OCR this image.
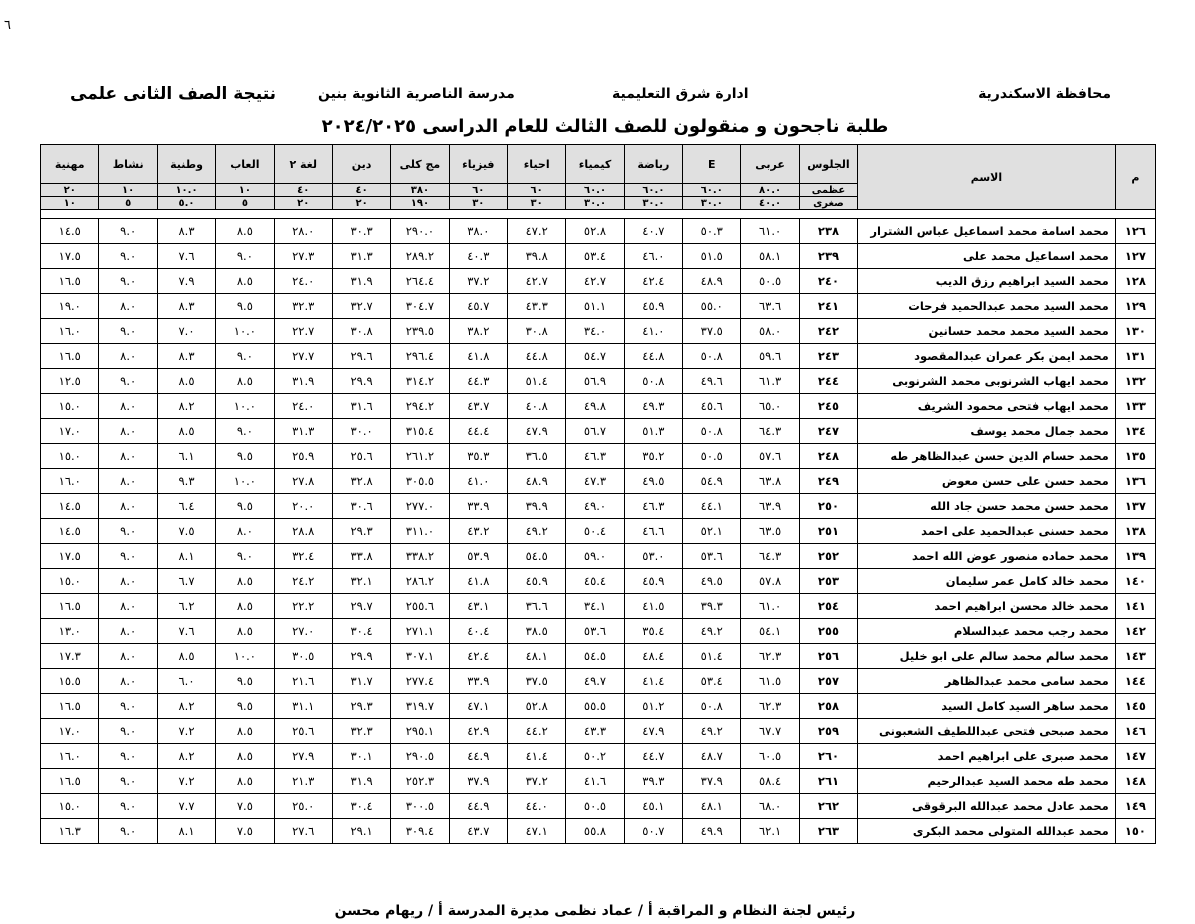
٦
محافظة الاسكندرية
ادارة شرق التعليمية
مدرسة الناصرية الثانوية بنين
نتيجة الصف الثانى علمى
طلبة ناجحون و منقولون للصف الثالث للعام الدراسى ٢٠٢٤/٢٠٢٥
م	الاسم	الجلوس	عربى	E	رياضة	كيمياء	احياء	فيزياء	مج كلى	دين	لغة ٢	العاب	وطنية	نشاط	مهنية
		عظمى	٨٠.٠	٦٠.٠	٦٠.٠	٦٠.٠	٦٠	٦٠	٣٨٠	٤٠	٤٠	١٠	١٠.٠	١٠	٢٠
		صغرى	٤٠.٠	٣٠.٠	٣٠.٠	٣٠.٠	٣٠	٣٠	١٩٠	٢٠	٢٠	٥	٥.٠	٥	١٠

١٢٦	محمد اسامة محمد اسماعيل عباس الشترار	٢٣٨	٦١.٠	٥٠.٣	٤٠.٧	٥٢.٨	٤٧.٢	٣٨.٠	٢٩٠.٠	٣٠.٣	٢٨.٠	٨.٥	٨.٣	٩.٠	١٤.٥
١٢٧	محمد اسماعيل محمد على	٢٣٩	٥٨.١	٥١.٥	٤٦.٠	٥٣.٤	٣٩.٨	٤٠.٣	٢٨٩.٢	٣١.٣	٢٧.٣	٩.٠	٧.٦	٩.٠	١٧.٥
١٢٨	محمد السيد ابراهيم رزق الديب	٢٤٠	٥٠.٥	٤٨.٩	٤٢.٤	٤٢.٧	٤٢.٧	٣٧.٢	٢٦٤.٤	٣١.٩	٢٤.٠	٨.٥	٧.٩	٩.٠	١٦.٥
١٢٩	محمد السيد محمد عبدالحميد فرحات	٢٤١	٦٣.٦	٥٥.٠	٤٥.٩	٥١.١	٤٣.٣	٤٥.٧	٣٠٤.٧	٣٢.٧	٣٢.٣	٩.٥	٨.٣	٨.٠	١٩.٠
١٣٠	محمد السيد محمد محمد حسانين	٢٤٢	٥٨.٠	٣٧.٥	٤١.٠	٣٤.٠	٣٠.٨	٣٨.٢	٢٣٩.٥	٣٠.٨	٢٢.٧	١٠.٠	٧.٠	٩.٠	١٦.٠
١٣١	محمد ايمن بكر عمران عبدالمقصود	٢٤٣	٥٩.٦	٥٠.٨	٤٤.٨	٥٤.٧	٤٤.٨	٤١.٨	٢٩٦.٤	٢٩.٦	٢٧.٧	٩.٠	٨.٣	٨.٠	١٦.٥
١٣٢	محمد ايهاب الشرنوبى محمد الشرنوبى	٢٤٤	٦١.٣	٤٩.٦	٥٠.٨	٥٦.٩	٥١.٤	٤٤.٣	٣١٤.٢	٢٩.٩	٣١.٩	٨.٥	٨.٥	٩.٠	١٢.٥
١٣٣	محمد ايهاب فتحى محمود الشريف	٢٤٥	٦٥.٠	٤٥.٦	٤٩.٣	٤٩.٨	٤٠.٨	٤٣.٧	٢٩٤.٢	٣١.٦	٢٤.٠	١٠.٠	٨.٢	٨.٠	١٥.٠
١٣٤	محمد جمال محمد يوسف	٢٤٧	٦٤.٣	٥٠.٨	٥١.٣	٥٦.٧	٤٧.٩	٤٤.٤	٣١٥.٤	٣٠.٠	٣١.٣	٩.٠	٨.٥	٨.٠	١٧.٠
١٣٥	محمد حسام الدين حسن عبدالظاهر طه	٢٤٨	٥٧.٦	٥٠.٥	٣٥.٢	٤٦.٣	٣٦.٥	٣٥.٣	٢٦١.٢	٢٥.٦	٢٥.٩	٩.٥	٦.١	٨.٠	١٥.٠
١٣٦	محمد حسن على حسن معوض	٢٤٩	٦٣.٨	٥٤.٩	٤٩.٥	٤٧.٣	٤٨.٩	٤١.٠	٣٠٥.٥	٣٢.٨	٢٧.٨	١٠.٠	٩.٣	٨.٠	١٦.٠
١٣٧	محمد حسن محمد حسن جاد الله	٢٥٠	٦٣.٩	٤٤.١	٤٦.٣	٤٩.٠	٣٩.٩	٣٣.٩	٢٧٧.٠	٣٠.٦	٢٠.٠	٩.٥	٦.٤	٨.٠	١٤.٥
١٣٨	محمد حسنى عبدالحميد على احمد	٢٥١	٦٣.٥	٥٢.١	٤٦.٦	٥٠.٤	٤٩.٢	٤٣.٢	٣١١.٠	٢٩.٣	٢٨.٨	٨.٠	٧.٥	٩.٠	١٤.٥
١٣٩	محمد حماده منصور عوض الله احمد	٢٥٢	٦٤.٣	٥٣.٦	٥٣.٠	٥٩.٠	٥٤.٥	٥٣.٩	٣٣٨.٢	٣٣.٨	٣٢.٤	٩.٠	٨.١	٩.٠	١٧.٥
١٤٠	محمد خالد كامل عمر سليمان	٢٥٣	٥٧.٨	٤٩.٥	٤٥.٩	٤٥.٤	٤٥.٩	٤١.٨	٢٨٦.٢	٣٢.١	٢٤.٢	٨.٥	٦.٧	٨.٠	١٥.٠
١٤١	محمد خالد محسن ابراهيم احمد	٢٥٤	٦١.٠	٣٩.٣	٤١.٥	٣٤.١	٣٦.٦	٤٣.١	٢٥٥.٦	٢٩.٧	٢٢.٢	٨.٥	٦.٢	٨.٠	١٦.٥
١٤٢	محمد رجب محمد عبدالسلام	٢٥٥	٥٤.١	٤٩.٢	٣٥.٤	٥٣.٦	٣٨.٥	٤٠.٤	٢٧١.١	٣٠.٤	٢٧.٠	٨.٥	٧.٦	٨.٠	١٣.٠
١٤٣	محمد سالم محمد سالم على ابو خليل	٢٥٦	٦٢.٣	٥١.٤	٤٨.٤	٥٤.٥	٤٨.١	٤٢.٤	٣٠٧.١	٢٩.٩	٣٠.٥	١٠.٠	٨.٥	٨.٠	١٧.٣
١٤٤	محمد سامى محمد عبدالظاهر	٢٥٧	٦١.٥	٥٣.٤	٤١.٤	٤٩.٧	٣٧.٥	٣٣.٩	٢٧٧.٤	٣١.٧	٢١.٦	٩.٥	٦.٠	٨.٠	١٥.٥
١٤٥	محمد ساهر السيد كامل السيد	٢٥٨	٦٢.٣	٥٠.٨	٥١.٢	٥٥.٥	٥٢.٨	٤٧.١	٣١٩.٧	٢٩.٣	٣١.١	٩.٥	٨.٢	٩.٠	١٦.٥
١٤٦	محمد صبحى فتحى عبداللطيف الشعبونى	٢٥٩	٦٧.٧	٤٩.٢	٤٧.٩	٤٣.٣	٤٤.٢	٤٢.٩	٢٩٥.١	٣٢.٣	٢٥.٦	٨.٥	٧.٢	٩.٠	١٧.٠
١٤٧	محمد صبرى على ابراهيم احمد	٢٦٠	٦٠.٥	٤٨.٧	٤٤.٧	٥٠.٢	٤١.٤	٤٤.٩	٢٩٠.٥	٣٠.١	٢٧.٩	٨.٥	٨.٢	٩.٠	١٦.٠
١٤٨	محمد طه محمد السيد عبدالرحيم	٢٦١	٥٨.٤	٣٧.٩	٣٩.٣	٤١.٦	٣٧.٢	٣٧.٩	٢٥٢.٣	٣١.٩	٢١.٣	٨.٥	٧.٢	٩.٠	١٦.٥
١٤٩	محمد عادل محمد عبدالله البرقوقى	٢٦٢	٦٨.٠	٤٨.١	٤٥.١	٥٠.٥	٤٤.٠	٤٤.٩	٣٠٠.٥	٣٠.٤	٢٥.٠	٧.٥	٧.٧	٩.٠	١٥.٠
١٥٠	محمد عبدالله المتولى محمد البكرى	٢٦٣	٦٢.١	٤٩.٩	٥٠.٧	٥٥.٨	٤٧.١	٤٣.٧	٣٠٩.٤	٢٩.١	٢٧.٦	٧.٥	٨.١	٩.٠	١٦.٣
رئيس لجنة النظام و المراقبة أ / عماد نظمى مديرة المدرسة أ / ريهام محسن
